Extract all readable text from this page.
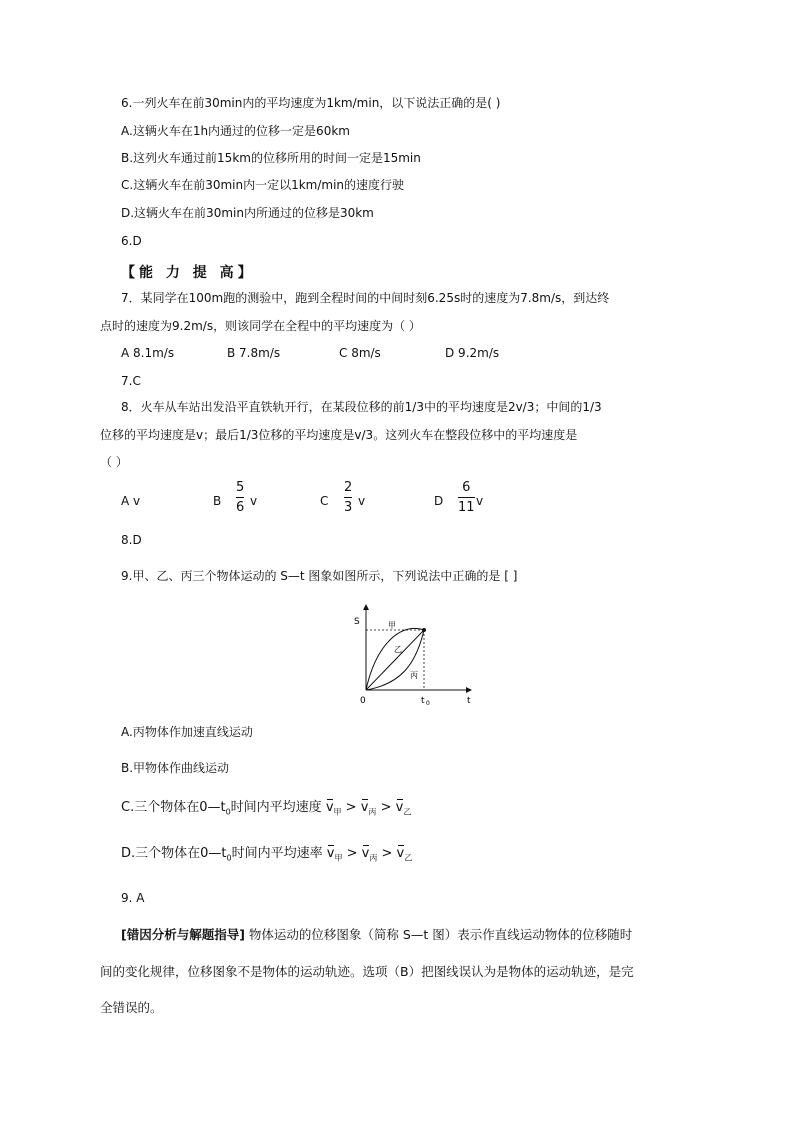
6.一列火车在前30min内的平均速度为1km/min，以下说法正确的是( )
A.这辆火车在1h内通过的位移一定是60km
B.这列火车通过前15km的位移所用的时间一定是15min
C.这辆火车在前30min内一定以1km/min的速度行驶
D.这辆火车在前30min内所通过的位移是30km
6.D
【能 力 提 高】
7．某同学在100m跑的测验中，跑到全程时间的中间时刻6.25s时的速度为7.8m/s，到达终
点时的速度为9.2m/s，则该同学在全程中的平均速度为（ ）
A 8.1m/s	B 7.8m/s	C 8m/s	D 9.2m/s
7.C
8．火车从车站出发沿平直铁轨开行，在某段位移的前1/3中的平均速度是2v/3；中间的1/3
位移的平均速度是v；最后1/3位移的平均速度是v/3。这列火车在整段位移中的平均速度是
（ ）
A v	B
5
6 v	C
2
3 v	D
6
11 v
8.D
9.甲、乙、丙三个物体运动的 S—t 图象如图所示，下列说法中正确的是 [ ]
S
t
0	t 0
甲
乙
丙
A.丙物体作加速直线运动
B.甲物体作曲线运动
C.三个物体在$0—t_0$时间内平均速度 $v_甲 > v_丙 > v_乙$
D.三个物体在$0—t_0$时间内平均速率 $v_甲 > v_丙 > v_乙$
9. A
[错因分析与解题指导] 物体运动的位移图象（简称 S—t 图）表示作直线运动物体的位移随时
间的变化规律，位移图象不是物体的运动轨迹。选项（B）把图线误认为是物体的运动轨迹，是完
全错误的。
